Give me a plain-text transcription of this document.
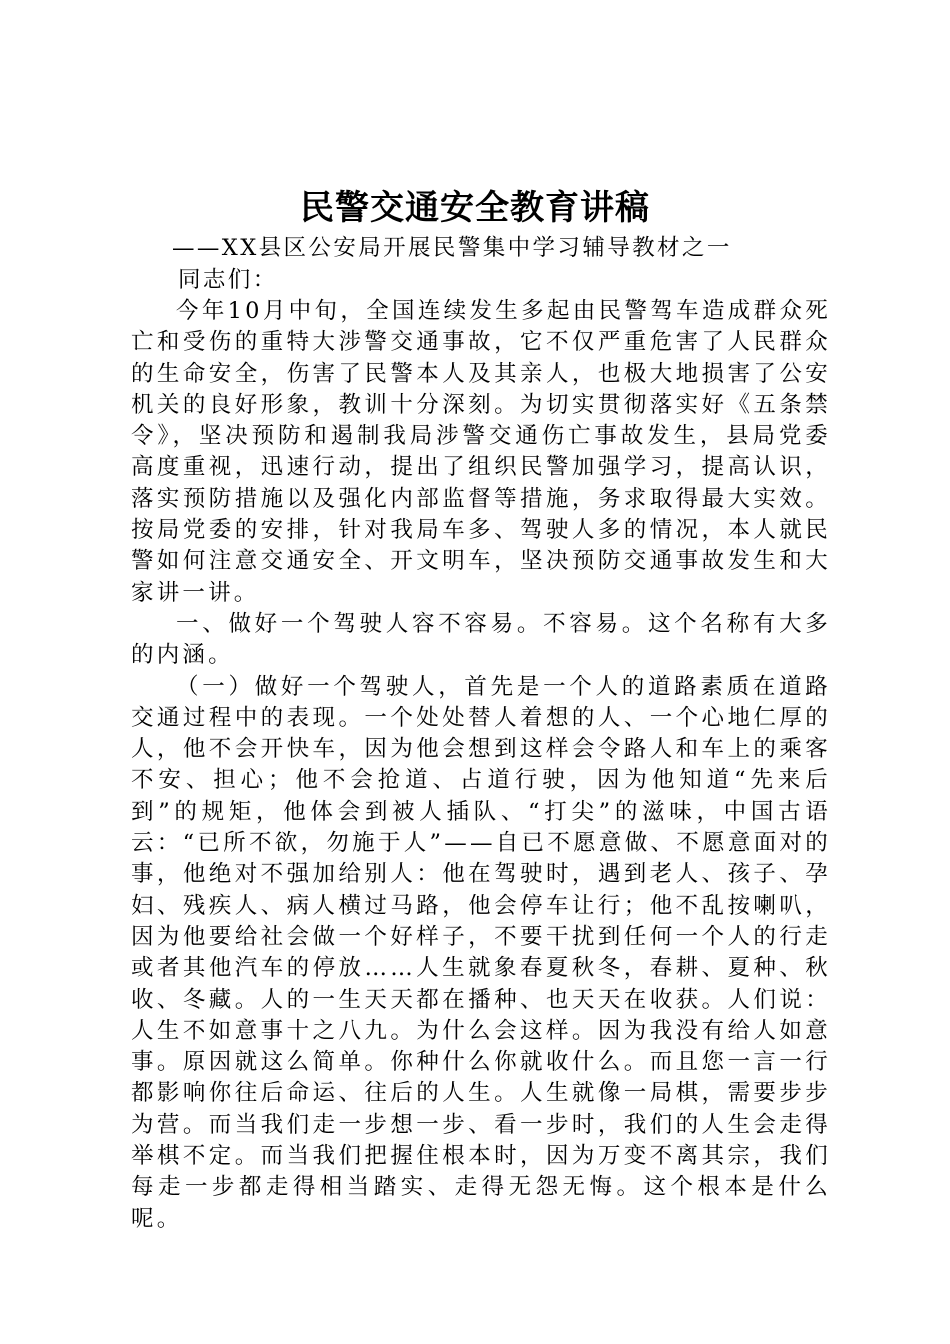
民警交通安全教育讲稿
——XX县区公安局开展民警集中学习辅导教材之一
同志们：

今年10月中旬，全国连续发生多起由民警驾车造成群众死亡和受伤的重特大涉警交通事故，它不仅严重危害了人民群众的生命安全，伤害了民警本人及其亲人，也极大地损害了公安机关的良好形象，教训十分深刻。为切实贯彻落实好《五条禁令》，坚决预防和遏制我局涉警交通伤亡事故发生，县局党委高度重视，迅速行动，提出了组织民警加强学习，提高认识，落实预防措施以及强化内部监督等措施，务求取得最大实效。按局党委的安排，针对我局车多、驾驶人多的情况，本人就民警如何注意交通安全、开文明车，坚决预防交通事故发生和大家讲一讲。

一、做好一个驾驶人容不容易。不容易。这个名称有大多的内涵。

（一）做好一个驾驶人，首先是一个人的道路素质在道路交通过程中的表现。一个处处替人着想的人、一个心地仁厚的人，他不会开快车，因为他会想到这样会令路人和车上的乘客不安、担心；他不会抢道、占道行驶，因为他知道“先来后到”的规矩，他体会到被人插队、“打尖”的滋味，中国古语云：“已所不欲，勿施于人”——自已不愿意做、不愿意面对的事，他绝对不强加给别人：他在驾驶时，遇到老人、孩子、孕妇、残疾人、病人横过马路，他会停车让行；他不乱按喇叭，因为他要给社会做一个好样子，不要干扰到任何一个人的行走或者其他汽车的停放……人生就象春夏秋冬，春耕、夏种、秋收、冬藏。人的一生天天都在播种、也天天在收获。人们说：人生不如意事十之八九。为什么会这样。因为我没有给人如意事。原因就这么简单。你种什么你就收什么。而且您一言一行都影响你往后命运、往后的人生。人生就像一局棋，需要步步为营。而当我们走一步想一步、看一步时，我们的人生会走得举棋不定。而当我们把握住根本时，因为万变不离其宗，我们每走一步都走得相当踏实、走得无怨无悔。这个根本是什么呢。
